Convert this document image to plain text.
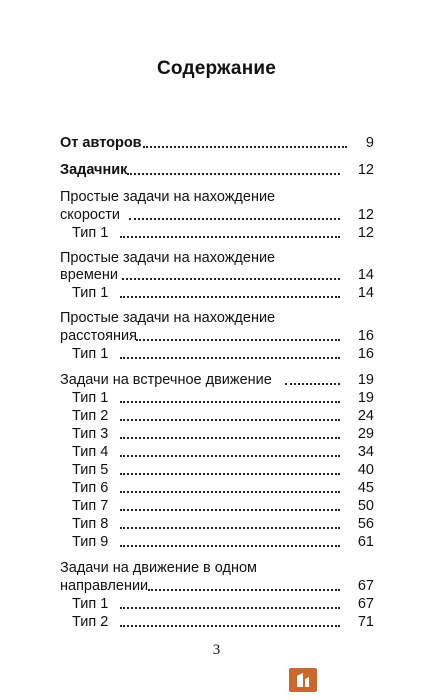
Содержание
От авторов	9
Задачник	12
Простые задачи на нахождение
скорости	12
Тип 1	12
Простые задачи на нахождение
времени	14
Тип 1	14
Простые задачи на нахождение
расстояния	16
Тип 1	16
Задачи на встречное движение	19
Тип 1	19
Тип 2	24
Тип 3	29
Тип 4	34
Тип 5	40
Тип 6	45
Тип 7	50
Тип 8	56
Тип 9	61
Задачи на движение в одном
направлении	67
Тип 1	67
Тип 2	71
3
